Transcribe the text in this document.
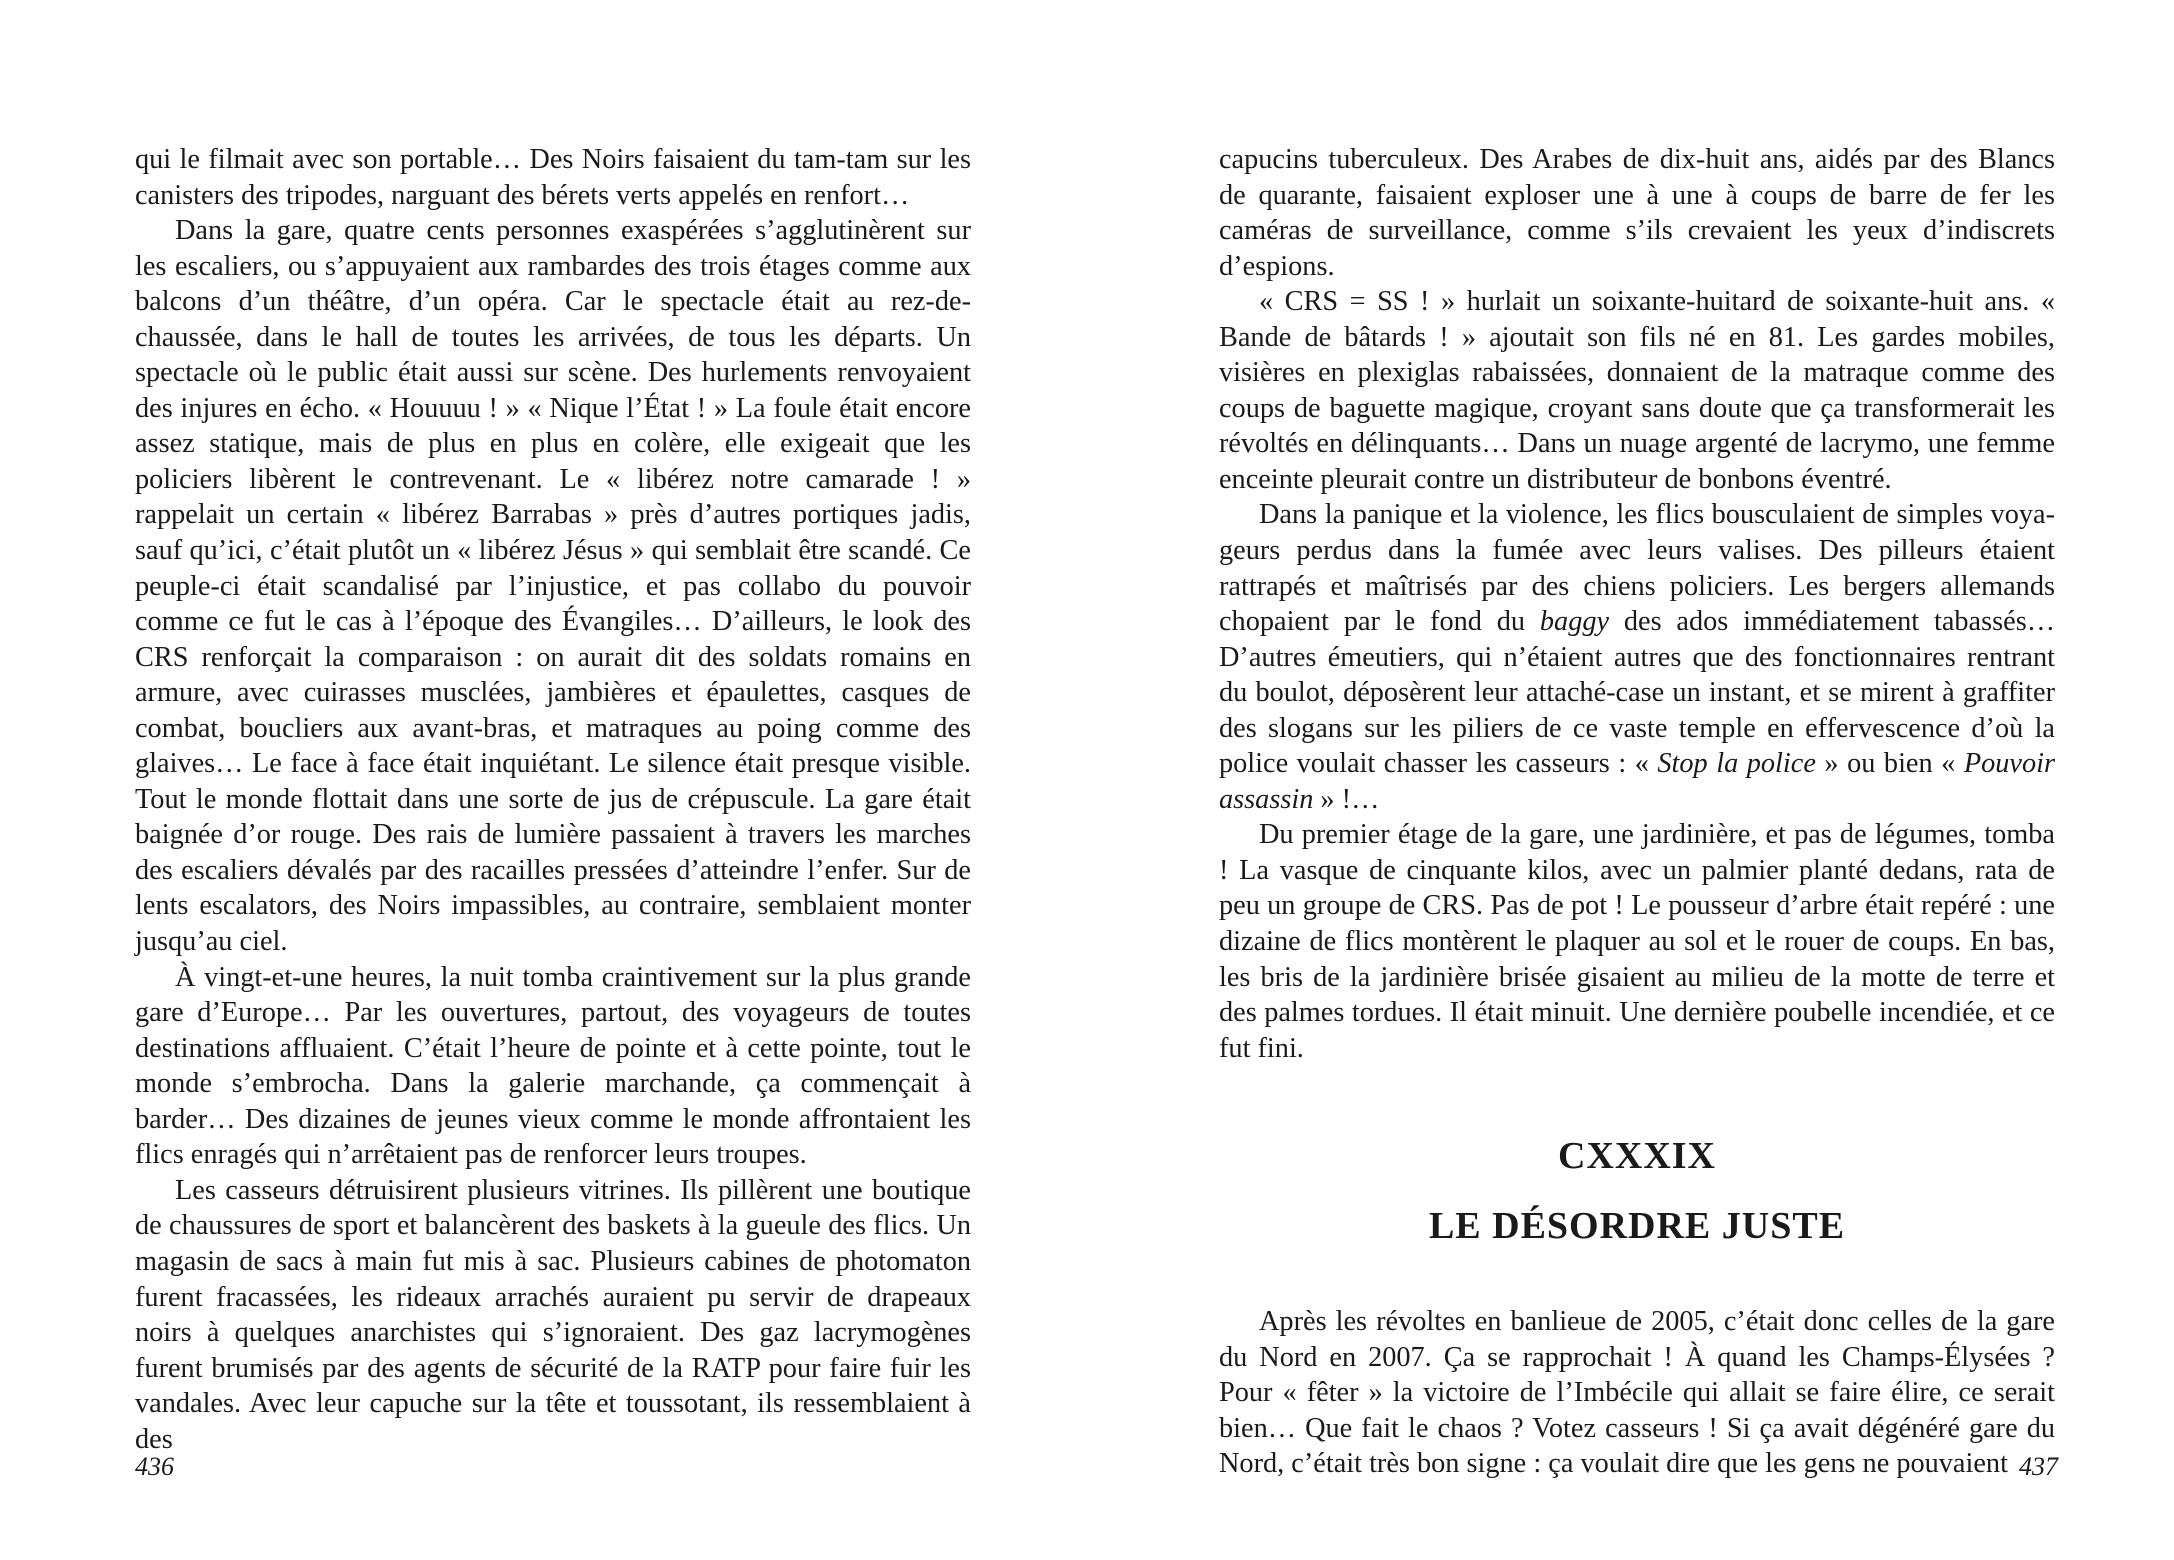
qui le filmait avec son portable… Des Noirs faisaient du tam-tam sur les canisters des tripodes, narguant des bérets verts appelés en renfort…

Dans la gare, quatre cents personnes exaspérées s’agglutinèrent sur les escaliers, ou s’appuyaient aux rambardes des trois étages comme aux balcons d’un théâtre, d’un opéra. Car le spectacle était au rez-de-chaussée, dans le hall de toutes les arrivées, de tous les départs. Un spectacle où le public était aussi sur scène. Des hurlements renvoyaient des injures en écho. « Houuuu ! » « Nique l’État ! » La foule était encore assez statique, mais de plus en plus en colère, elle exigeait que les policiers libèrent le contrevenant. Le « libérez notre camarade ! » rappelait un certain « libérez Barrabas » près d’autres portiques jadis, sauf qu’ici, c’était plutôt un « libérez Jésus » qui semblait être scandé. Ce peuple-ci était scandalisé par l’injustice, et pas collabo du pouvoir comme ce fut le cas à l’époque des Évangiles… D’ailleurs, le look des CRS renforçait la comparaison : on aurait dit des soldats romains en armure, avec cuirasses musclées, jambières et épaulettes, casques de combat, boucliers aux avant-bras, et matraques au poing comme des glaives… Le face à face était inquiétant. Le silence était presque visible. Tout le monde flottait dans une sorte de jus de crépuscule. La gare était baignée d’or rouge. Des rais de lumière passaient à travers les marches des escaliers dévalés par des racailles pressées d’atteindre l’enfer. Sur de lents escalators, des Noirs impassibles, au contraire, semblaient monter jusqu’au ciel.

À vingt-et-une heures, la nuit tomba craintivement sur la plus grande gare d’Europe… Par les ouvertures, partout, des voyageurs de toutes destinations affluaient. C’était l’heure de pointe et à cette pointe, tout le monde s’embrocha. Dans la galerie marchande, ça commençait à barder… Des dizaines de jeunes vieux comme le monde affrontaient les flics enragés qui n’arrêtaient pas de renforcer leurs troupes.

Les casseurs détruisirent plusieurs vitrines. Ils pillèrent une boutique de chaussures de sport et balancèrent des baskets à la gueule des flics. Un magasin de sacs à main fut mis à sac. Plusieurs cabines de photomaton furent fracassées, les rideaux arrachés auraient pu servir de drapeaux noirs à quelques anarchistes qui s’ignoraient. Des gaz lacrymogènes furent brumisés par des agents de sécurité de la RATP pour faire fuir les vandales. Avec leur capuche sur la tête et toussotant, ils ressemblaient à des

436

capucins tuberculeux. Des Arabes de dix-huit ans, aidés par des Blancs de quarante, faisaient exploser une à une à coups de barre de fer les caméras de surveillance, comme s’ils crevaient les yeux d’indiscrets d’espions.

« CRS = SS ! » hurlait un soixante-huitard de soixante-huit ans. « Bande de bâtards ! » ajoutait son fils né en 81. Les gardes mobiles, visières en plexiglas rabaissées, donnaient de la matraque comme des coups de baguette magique, croyant sans doute que ça transformerait les révoltés en délinquants… Dans un nuage argenté de lacrymo, une femme enceinte pleurait contre un distributeur de bonbons éventré.

Dans la panique et la violence, les flics bousculaient de simples voya-geurs perdus dans la fumée avec leurs valises. Des pilleurs étaient rattrapés et maîtrisés par des chiens policiers. Les bergers allemands chopaient par le fond du baggy des ados immédiatement tabassés… D’autres émeutiers, qui n’étaient autres que des fonctionnaires rentrant du boulot, déposèrent leur attaché-case un instant, et se mirent à graffiter des slogans sur les piliers de ce vaste temple en effervescence d’où la police voulait chasser les casseurs : « Stop la police » ou bien « Pouvoir assassin » !…

Du premier étage de la gare, une jardinière, et pas de légumes, tomba ! La vasque de cinquante kilos, avec un palmier planté dedans, rata de peu un groupe de CRS. Pas de pot ! Le pousseur d’arbre était repéré : une dizaine de flics montèrent le plaquer au sol et le rouer de coups. En bas, les bris de la jardinière brisée gisaient au milieu de la motte de terre et des palmes tordues. Il était minuit. Une dernière poubelle incendiée, et ce fut fini.

CXXXIX
LE DÉSORDRE JUSTE

Après les révoltes en banlieue de 2005, c’était donc celles de la gare du Nord en 2007. Ça se rapprochait ! À quand les Champs-Élysées ? Pour « fêter » la victoire de l’Imbécile qui allait se faire élire, ce serait bien… Que fait le chaos ? Votez casseurs ! Si ça avait dégénéré gare du Nord, c’était très bon signe : ça voulait dire que les gens ne pouvaient 437
